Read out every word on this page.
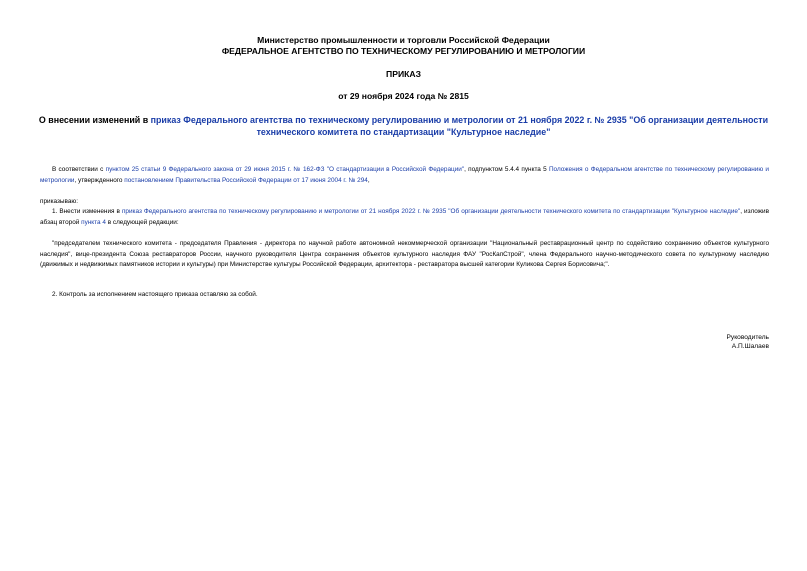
Министерство промышленности и торговли Российской Федерации
ФЕДЕРАЛЬНОЕ АГЕНТСТВО ПО ТЕХНИЧЕСКОМУ РЕГУЛИРОВАНИЮ И МЕТРОЛОГИИ
ПРИКАЗ
от 29 ноября 2024 года № 2815
О внесении изменений в приказ Федерального агентства по техническому регулированию и метрологии от 21 ноября 2022 г. № 2935 "Об организации деятельности технического комитета по стандартизации "Культурное наследие"
В соответствии с пунктом 25 статьи 9 Федерального закона от 29 июня 2015 г. № 162-ФЗ "О стандартизации в Российской Федерации", подпунктом 5.4.4 пункта 5 Положения о Федеральном агентстве по техническому регулированию и метрологии, утвержденного постановлением Правительства Российской Федерации от 17 июня 2004 г. № 294,
приказываю:
1. Внести изменения в приказ Федерального агентства по техническому регулированию и метрологии от 21 ноября 2022 г. № 2935 "Об организации деятельности технического комитета по стандартизации "Культурное наследие", изложив абзац второй пункта 4 в следующей редакции:
"председателем технического комитета - председателя Правления - директора по научной работе автономной некоммерческой организации "Национальный реставрационный центр по содействию сохранению объектов культурного наследия", вице-президента Союза реставраторов России, научного руководителя Центра сохранения объектов культурного наследия ФАУ "РосКапСтрой", члена Федерального научно-методического совета по культурному наследию (движимых и недвижимых памятников истории и культуры) при Министерстве культуры Российской Федерации, архитектора - реставратора высшей категории Куликова Сергея Борисовича;".
2. Контроль за исполнением настоящего приказа оставляю за собой.
Руководитель
А.П.Шалаев
